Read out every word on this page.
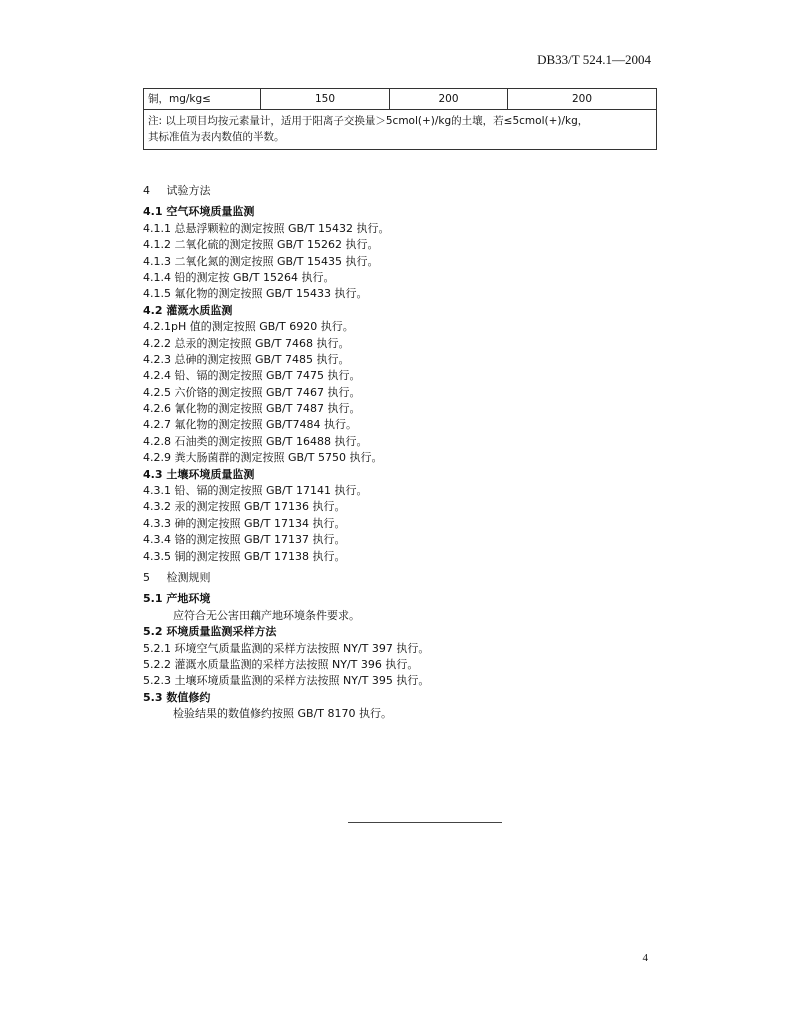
DB33/T 524.1—2004
铜，mg/kg≤	150	200	200

注: 以上项目均按元素量计，适用于阳离子交换量＞5cmol(+)/kg的土壤，若≤5cmol(+)/kg，
其标准值为表内数值的半数。
4 试验方法
4.1 空气环境质量监测
4.1.1 总悬浮颗粒的测定按照 GB/T 15432 执行。
4.1.2 二氧化硫的测定按照 GB/T 15262 执行。
4.1.3 二氧化氮的测定按照 GB/T 15435 执行。
4.1.4 铅的测定按 GB/T 15264 执行。
4.1.5 氟化物的测定按照 GB/T 15433 执行。
4.2 灌溉水质监测
4.2.1pH 值的测定按照 GB/T 6920 执行。
4.2.2 总汞的测定按照 GB/T 7468 执行。
4.2.3 总砷的测定按照 GB/T 7485 执行。
4.2.4 铅、镉的测定按照 GB/T 7475 执行。
4.2.5 六价铬的测定按照 GB/T 7467 执行。
4.2.6 氰化物的测定按照 GB/T 7487 执行。
4.2.7 氟化物的测定按照 GB/T7484 执行。
4.2.8 石油类的测定按照 GB/T 16488 执行。
4.2.9 粪大肠菌群的测定按照 GB/T 5750 执行。
4.3 土壤环境质量监测
4.3.1 铅、镉的测定按照 GB/T 17141 执行。
4.3.2 汞的测定按照 GB/T 17136 执行。
4.3.3 砷的测定按照 GB/T 17134 执行。
4.3.4 铬的测定按照 GB/T 17137 执行。
4.3.5 铜的测定按照 GB/T 17138 执行。
5 检测规则
5.1 产地环境
应符合无公害田藕产地环境条件要求。
5.2 环境质量监测采样方法
5.2.1 环境空气质量监测的采样方法按照 NY/T 397 执行。
5.2.2 灌溉水质量监测的采样方法按照 NY/T 396 执行。
5.2.3 土壤环境质量监测的采样方法按照 NY/T 395 执行。
5.3 数值修约
检验结果的数值修约按照 GB/T 8170 执行。
4
